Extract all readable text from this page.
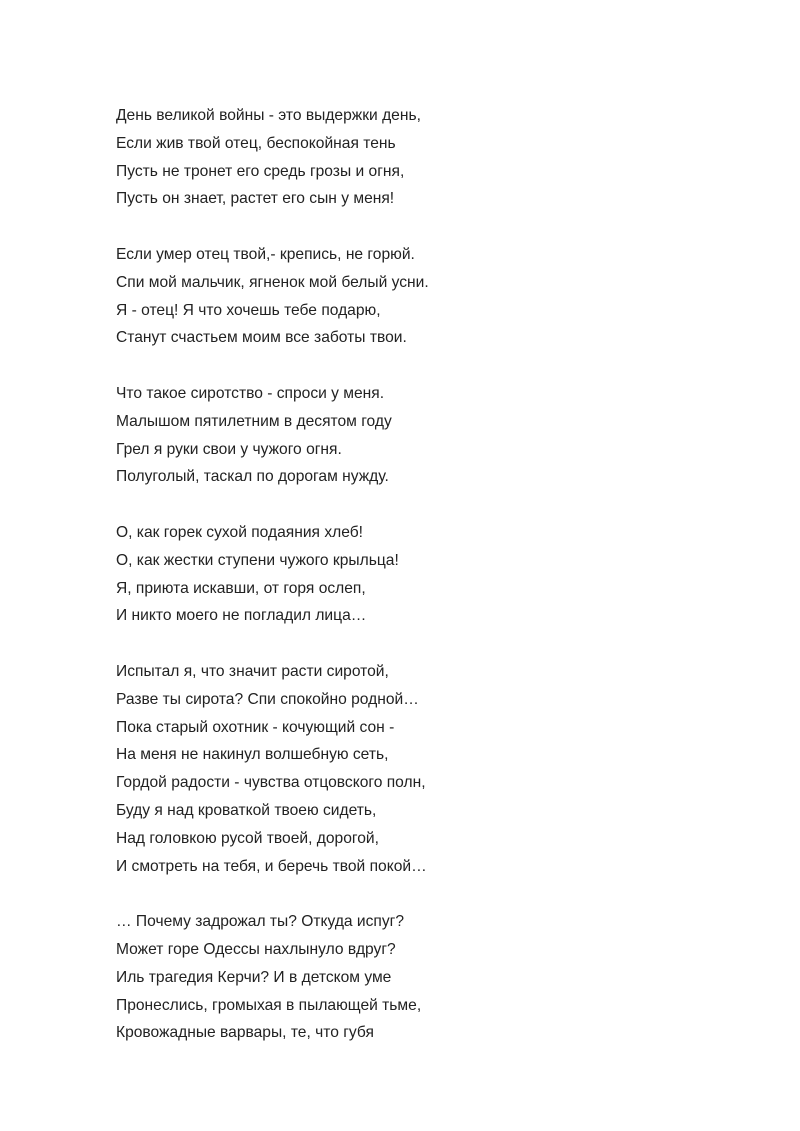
День великой войны - это выдержки день,
Если жив твой отец, беспокойная тень
Пусть не тронет его средь грозы и огня,
Пусть он знает, растет его сын у меня!
Если умер отец твой,- крепись, не горюй.
Спи мой мальчик, ягненок мой белый усни.
Я - отец! Я что хочешь тебе подарю,
Станут счастьем моим все заботы твои.
Что такое сиротство - спроси у меня.
Малышом пятилетним в десятом году
Грел я руки свои у чужого огня.
Полуголый, таскал по дорогам нужду.
О, как горек сухой подаяния хлеб!
О, как жестки ступени чужого крыльца!
Я, приюта искавши, от горя ослеп,
И никто моего не погладил лица…
Испытал я, что значит расти сиротой,
Разве ты сирота? Спи спокойно родной…
Пока старый охотник - кочующий сон -
На меня не накинул волшебную сеть,
Гордой радости - чувства отцовского полн,
Буду я над кроваткой твоею сидеть,
Над головкою русой твоей, дорогой,
И смотреть на тебя, и беречь твой покой…
… Почему задрожал ты? Откуда испуг?
Может горе Одессы нахлынуло вдруг?
Иль трагедия Керчи? И в детском уме
Пронеслись, громыхая в пылающей тьме,
Кровожадные варвары, те, что губя
